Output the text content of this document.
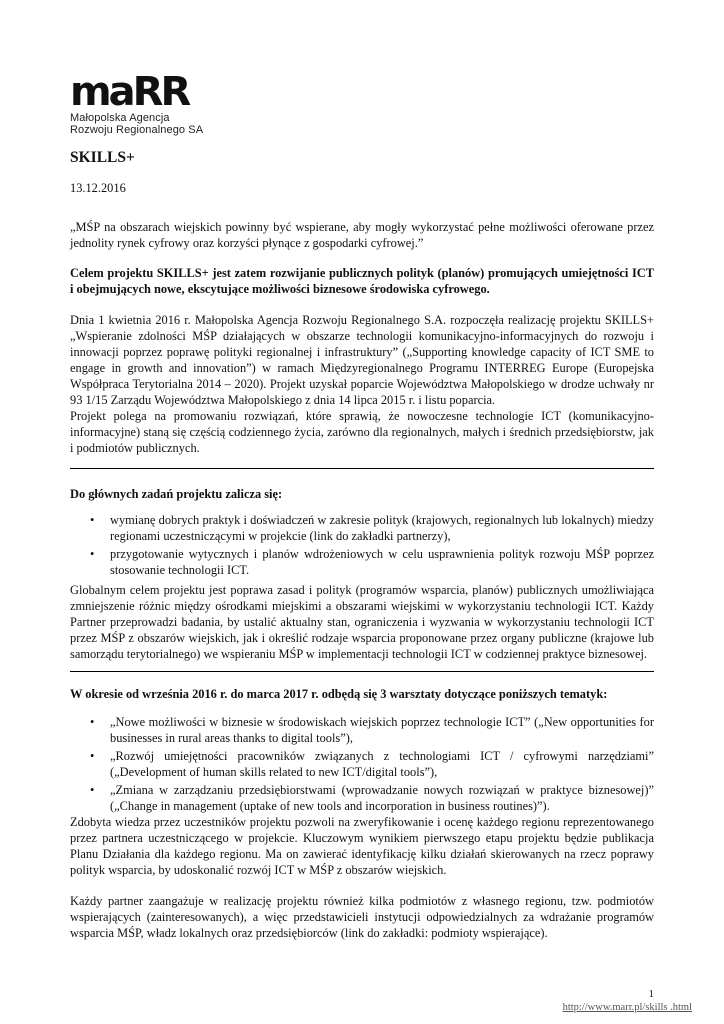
maRR
Małopolska Agencja
Rozwoju Regionalnego SA
SKILLS+
13.12.2016

„MŚP na obszarach wiejskich powinny być wspierane, aby mogły wykorzystać pełne możliwości oferowane przez jednolity rynek cyfrowy oraz korzyści płynące z gospodarki cyfrowej.”

Celem projektu SKILLS+ jest zatem rozwijanie publicznych polityk (planów) promujących umiejętności ICT i obejmujących nowe, ekscytujące możliwości biznesowe środowiska cyfrowego.

Dnia 1 kwietnia 2016 r. Małopolska Agencja Rozwoju Regionalnego S.A. rozpoczęła realizację projektu SKILLS+ „Wspieranie zdolności MŚP działających w obszarze technologii komunikacyjno-informacyjnych do rozwoju i innowacji poprzez poprawę polityki regionalnej i infrastruktury” („Supporting knowledge capacity of ICT SME to engage in growth and innovation”) w ramach Międzyregionalnego Programu INTERREG Europe (Europejska Współpraca Terytorialna 2014 – 2020). Projekt uzyskał poparcie Województwa Małopolskiego w drodze uchwały nr 93 1/15 Zarządu Województwa Małopolskiego z dnia 14 lipca 2015 r. i listu poparcia.

Projekt polega na promowaniu rozwiązań, które sprawią, że nowoczesne technologie ICT (komunikacyjno-informacyjne) staną się częścią codziennego życia, zarówno dla regionalnych, małych i średnich przedsiębiorstw, jak i podmiotów publicznych.

Do głównych zadań projektu zalicza się:

• wymianę dobrych praktyk i doświadczeń w zakresie polityk (krajowych, regionalnych lub lokalnych) miedzy regionami uczestniczącymi w projekcie (link do zakładki partnerzy),
• przygotowanie wytycznych i planów wdrożeniowych w celu usprawnienia polityk rozwoju MŚP poprzez stosowanie technologii ICT.

Globalnym celem projektu jest poprawa zasad i polityk (programów wsparcia, planów) publicznych umożliwiająca zmniejszenie różnic między ośrodkami miejskimi a obszarami wiejskimi w wykorzystaniu technologii ICT. Każdy Partner przeprowadzi badania, by ustalić aktualny stan, ograniczenia i wyzwania w wykorzystaniu technologii ICT przez MŚP z obszarów wiejskich, jak i określić rodzaje wsparcia proponowane przez organy publiczne (krajowe lub samorządu terytorialnego) we wspieraniu MŚP w implementacji technologii ICT w codziennej praktyce biznesowej.

W okresie od września 2016 r. do marca 2017 r. odbędą się 3 warsztaty dotyczące poniższych tematyk:

• „Nowe możliwości w biznesie w środowiskach wiejskich poprzez technologie ICT” („New opportunities for businesses in rural areas thanks to digital tools”),
• „Rozwój umiejętności pracowników związanych z technologiami ICT / cyfrowymi narzędziami” („Development of human skills related to new ICT/digital tools”),
• „Zmiana w zarządzaniu przedsiębiorstwami (wprowadzanie nowych rozwiązań w praktyce biznesowej)” („Change in management (uptake of new tools and incorporation in business routines)”).

Zdobyta wiedza przez uczestników projektu pozwoli na zweryfikowanie i ocenę każdego regionu reprezentowanego przez partnera uczestniczącego w projekcie. Kluczowym wynikiem pierwszego etapu projektu będzie publikacja Planu Działania dla każdego regionu. Ma on zawierać identyfikację kilku działań skierowanych na rzecz poprawy polityk wsparcia, by udoskonalić rozwój ICT w MŚP z obszarów wiejskich.

Każdy partner zaangażuje w realizację projektu również kilka podmiotów z własnego regionu, tzw. podmiotów wspierających (zainteresowanych), a więc przedstawicieli instytucji odpowiedzialnych za wdrażanie programów wsparcia MŚP, władz lokalnych oraz przedsiębiorców (link do zakładki: podmioty wspierające).

1
http://www.marr.pl/skills .html
